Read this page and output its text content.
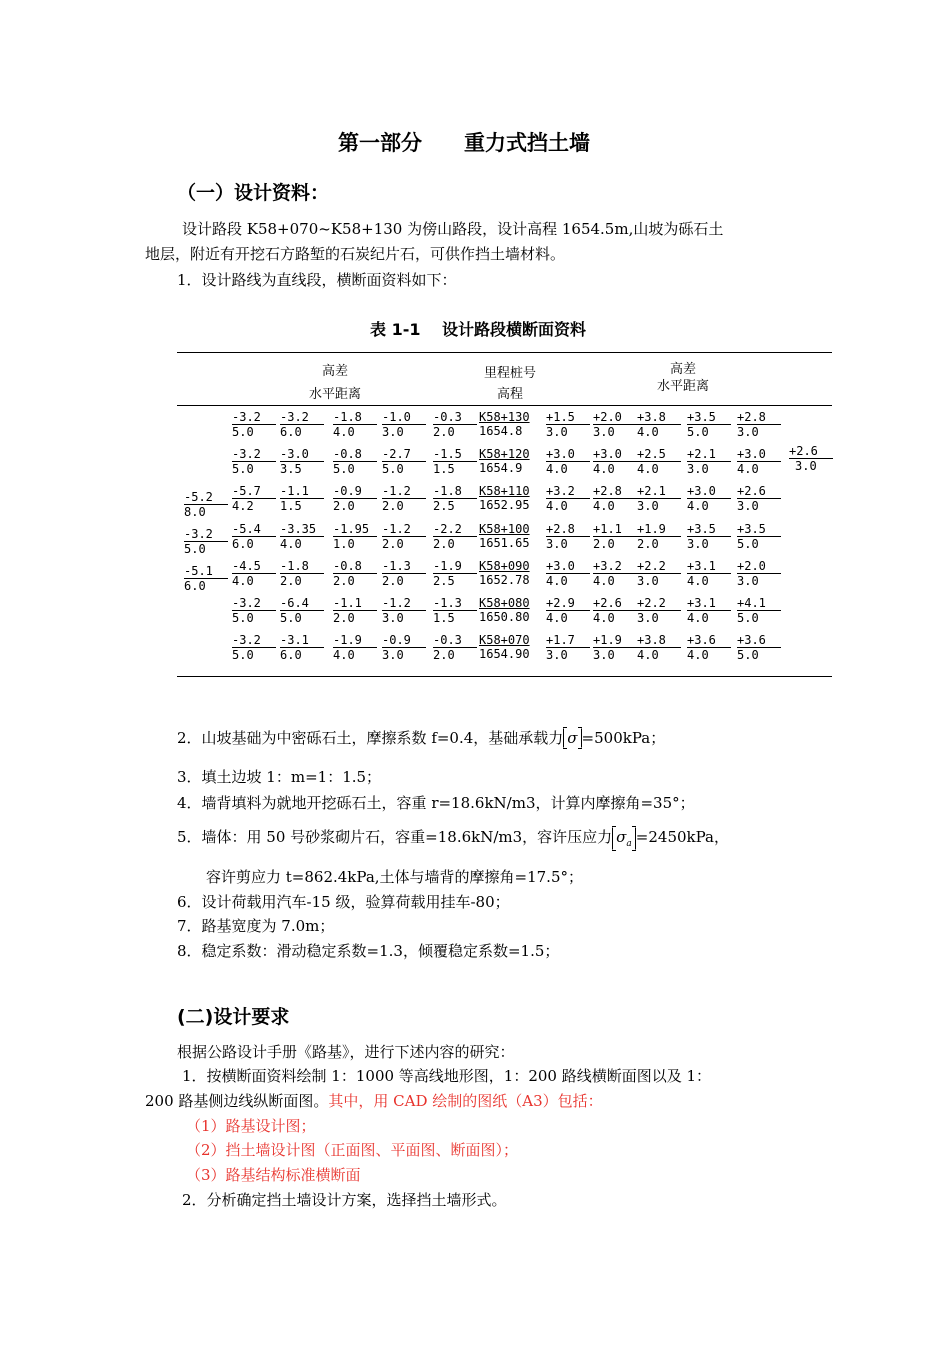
第一部分　　重力式挡土墙
（一）设计资料：
设计路段 K58+070~K58+130 为傍山路段，设计高程 1654.5m,山坡为砾石土
地层，附近有开挖石方路堑的石炭纪片石，可供作挡土墙材料。
1．设计路线为直线段，横断面资料如下：
表 1-1　 设计路段横断面资料
高差
水平距离
里程桩号
高程
高差
水平距离
-3.2
5.0
-3.2
6.0
-1.8
4.0
-1.0
3.0
-0.3
2.0
K58+130
1654.8
+1.5
3.0
+2.0
3.0
+3.8
4.0
+3.5
5.0
+2.8
3.0
+2.6
3.0
-3.2
5.0
-3.0
3.5
-0.8
5.0
-2.7
5.0
-1.5
1.5
K58+120
1654.9
+3.0
4.0
+3.0
4.0
+2.5
4.0
+2.1
3.0
+3.0
4.0
-5.7
4.2
-1.1
1.5
-0.9
2.0
-1.2
2.0
-1.8
2.5
K58+110
1652.95
+3.2
4.0
+2.8
4.0
+2.1
3.0
+3.0
4.0
+2.6
3.0
-5.4
6.0
-3.35
4.0
-1.95
1.0
-1.2
2.0
-2.2
2.0
K58+100
1651.65
+2.8
3.0
+1.1
2.0
+1.9
2.0
+3.5
3.0
+3.5
5.0
-4.5
4.0
-1.8
2.0
-0.8
2.0
-1.3
2.0
-1.9
2.5
K58+090
1652.78
+3.0
4.0
+3.2
4.0
+2.2
3.0
+3.1
4.0
+2.0
3.0
-3.2
5.0
-6.4
5.0
-1.1
2.0
-1.2
3.0
-1.3
1.5
K58+080
1650.80
+2.9
4.0
+2.6
4.0
+2.2
3.0
+3.1
4.0
+4.1
5.0
-3.2
5.0
-3.1
6.0
-1.9
4.0
-0.9
3.0
-0.3
2.0
K58+070
1654.90
+1.7
3.0
+1.9
3.0
+3.8
4.0
+3.6
4.0
+3.6
5.0
-5.2
8.0
-3.2
5.0
-5.1
6.0
2．山坡基础为中密砾石土，摩擦系数 f=0.4，基础承载力 σ =500kPa；
3．填土边坡 1：m=1：1.5；
4．墙背填料为就地开挖砾石土，容重 r=18.6kN/m3，计算内摩擦角=35°；
5．墙体：用 50 号砂浆砌片石，容重=18.6kN/m3，容许压应力 $\sigma_a =2450kPa$，
容许剪应力 t=862.4kPa,土体与墙背的摩擦角=17.5°；
6．设计荷载用汽车-15 级，验算荷载用挂车-80；
7．路基宽度为 7.0m；
8．稳定系数：滑动稳定系数=1.3，倾覆稳定系数=1.5；
(二)设计要求
根据公路设计手册《路基》，进行下述内容的研究：
1．按横断面资料绘制 1：1000 等高线地形图，1：200 路线横断面图以及 1：
200 路基侧边线纵断面图。其中，用 CAD 绘制的图纸（A3）包括：
（1）路基设计图；
（2）挡土墙设计图（正面图、平面图、断面图）；
（3）路基结构标准横断面
2．分析确定挡土墙设计方案，选择挡土墙形式。
